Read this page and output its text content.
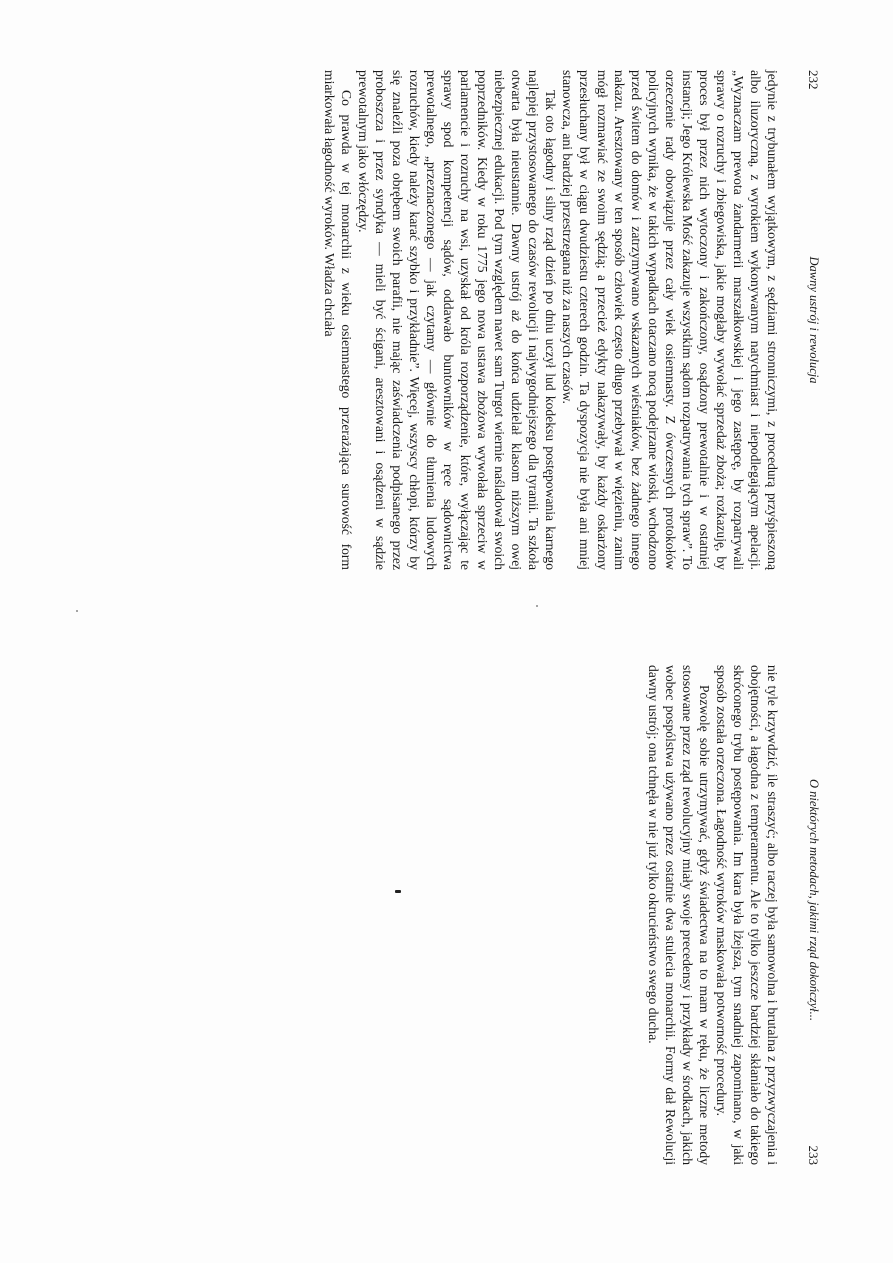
232
Dawny ustrój i rewolucja

jedynie z trybunałem wyjątkowym, z sędziami stronniczymi, z procedurą przyśpieszoną albo iluzoryczną, z wyrokiem wykonywanym natychmiast i niepodlegającym apelacji. „Wyznaczam prewotа żandarmerii marszałkowskiej i jego zastępcę, by rozpatrywali sprawy o rozruchy i zbiegowiska, jakie mogłaby wywołać sprzedaż zboża; rozkazuję, by proces był przez nich wytoczony i zakończony, osądzony prewotalnie i w ostatniej instancji; Jego Królewska Mość zakazuje wszystkim sądom rozpatrywania tych spraw”. To orzeczenie rady obowiązuje przez cały wiek osiemnasty. Z ówczesnych protokołów policyjnych wynika, że w takich wypadkach otaczano nocą podejrzane wioski, wchodzono przed świtem do domów i zatrzymywano wskazanych wieśniaków, bez żadnego innego nakazu. Aresztowany w ten sposób człowiek często długo przebywał w więzieniu, zanim mógł rozmawiać ze swoim sędzią; a przecież edykty nakazywały, by każdy oskarżony przesłuchany był w ciągu dwudziestu czterech godzin. Ta dyspozycja nie była ani mniej stanowcza, ani bardziej przestrzegana niż za naszych czasów.

Tak oto łagodny i silny rząd dzień po dniu uczył lud kodeksu postępowania karnego najlepiej przystosowanego do czasów rewolucji i najwygodniejszego dla tyranii. Ta szkoła otwarta była nieustannie. Dawny ustrój aż do końca udzielał klasom niższym owej niebezpiecznej edukacji. Pod tym względem nawet sam Turgot wiernie naśladował swoich poprzedników. Kiedy w roku 1775 jego nowa ustawa zbożowa wywołała sprzeciw w parlamencie i rozruchy na wsi, uzyskał od króla rozporządzenie, które, wyłączając te sprawy spod kompetencji sądów, oddawało buntowników w ręce sądownictwa prewotalnego, „przeznaczonego — jak czytamy — głównie do tłumienia ludowych rozruchów, kiedy należy karać szybko i przykładnie”. Więcej, wszyscy chłopi, którzy by się znaleźli poza obrębem swoich parafii, nie mając zaświadczenia podpisanego przez proboszcza i przez syndyka — mieli być ścigani, aresztowani i osądzeni w sądzie prewotalnym jako włóczędzy.

Co prawda w tej monarchii z wieku osiemnastego przerażająca surowość form miarkowała łagodność wyroków. Władza chciała

O niektórych metodach, jakimi rząd dokończył...
233

nie tyle krzywdzić, ile straszyć; albo raczej była samowolna i brutalna z przyzwyczajenia i obojętności, a łagodna z temperamentu. Ale to tylko jeszcze bardziej skłaniało do takiego skróconego trybu postępowania. Im kara była lżejsza, tym snadniej zapominano, w jaki sposób została orzeczona. Łagodność wyroków maskowała potworność procedury.

Pozwolę sobie utrzymywać, gdyż świadectwa na to mam w ręku, że liczne metody stosowane przez rząd rewolucyjny miały swoje precedensy i przykłady w środkach, jakich wobec pospólstwa używano przez ostatnie dwa stulecia monarchii. Formy dał Rewolucji dawny ustrój; ona tchnęła w nie już tylko okrucieństwo swego ducha.
